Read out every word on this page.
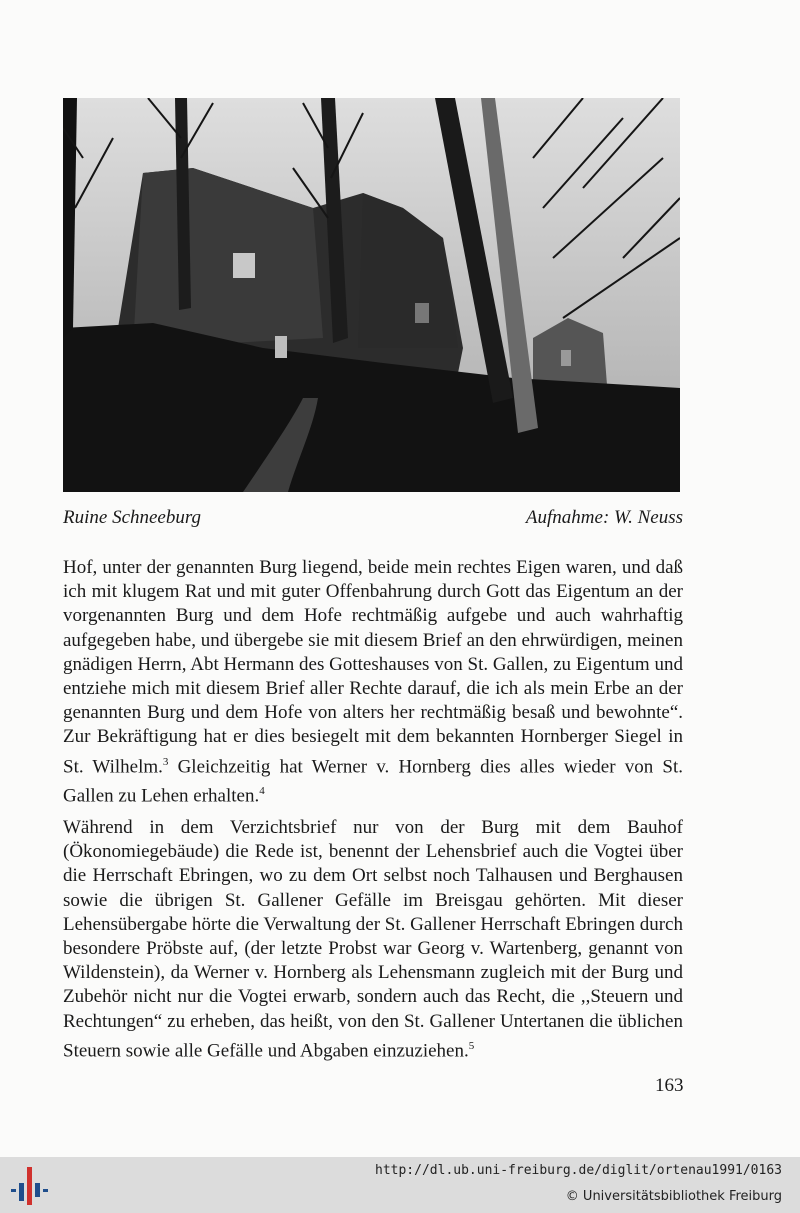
Ruine Schneeburg	Aufnahme: W. Neuss

Hof, unter der genannten Burg liegend, beide mein rechtes Eigen waren, und daß ich mit klugem Rat und mit guter Offenbahrung durch Gott das Eigentum an der vorgenannten Burg und dem Hofe rechtmäßig aufgebe und auch wahrhaftig aufgegeben habe, und übergebe sie mit diesem Brief an den ehrwürdigen, meinen gnädigen Herrn, Abt Hermann des Gotteshauses von St. Gallen, zu Eigentum und entziehe mich mit diesem Brief aller Rechte darauf, die ich als mein Erbe an der genannten Burg und dem Hofe von alters her rechtmäßig besaß und bewohnte“. Zur Bekräftigung hat er dies besiegelt mit dem bekannten Hornberger Siegel in St. Wilhelm.$^3$ Gleichzeitig hat Werner v. Hornberg dies alles wieder von St. Gallen zu Lehen erhalten.$^4$

Während in dem Verzichtsbrief nur von der Burg mit dem Bauhof (Ökonomiegebäude) die Rede ist, benennt der Lehensbrief auch die Vogtei über die Herrschaft Ebringen, wo zu dem Ort selbst noch Talhausen und Berghausen sowie die übrigen St. Gallener Gefälle im Breisgau gehörten. Mit dieser Lehensübergabe hörte die Verwaltung der St. Gallener Herrschaft Ebringen durch besondere Pröbste auf, (der letzte Probst war Georg v. Wartenberg, genannt von Wildenstein), da Werner v. Hornberg als Lehensmann zugleich mit der Burg und Zubehör nicht nur die Vogtei erwarb, sondern auch das Recht, die ,,Steuern und Rechtungen“ zu erheben, das heißt, von den St. Gallener Untertanen die üblichen Steuern sowie alle Gefälle und Abgaben einzuziehen.$^5$

163
http://dl.ub.uni-freiburg.de/diglit/ortenau1991/0163
© Universitätsbibliothek Freiburg
